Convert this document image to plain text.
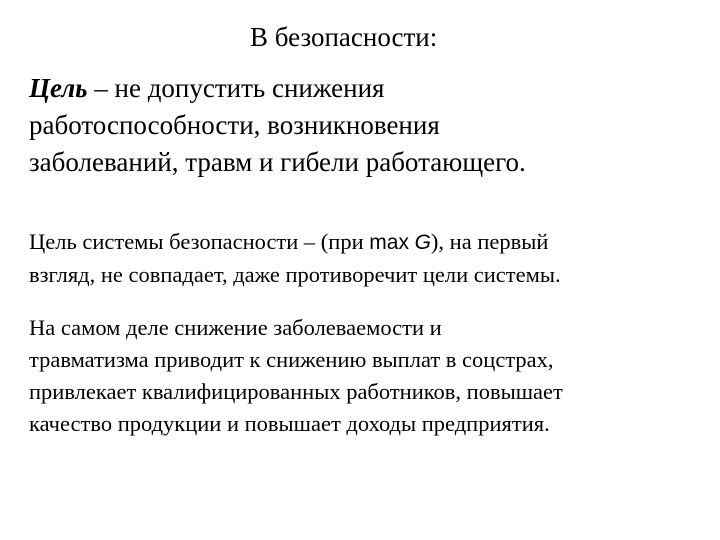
В безопасности:
Цель – не допустить снижения
работоспособности, возникновения
заболеваний, травм и гибели работающего.
Цель системы безопасности – (при max G), на первый
взгляд, не совпадает, даже противоречит цели системы.
На самом деле снижение заболеваемости и
травматизма приводит к снижению выплат в соцстрах,
привлекает квалифицированных работников, повышает
качество продукции и повышает доходы предприятия.
